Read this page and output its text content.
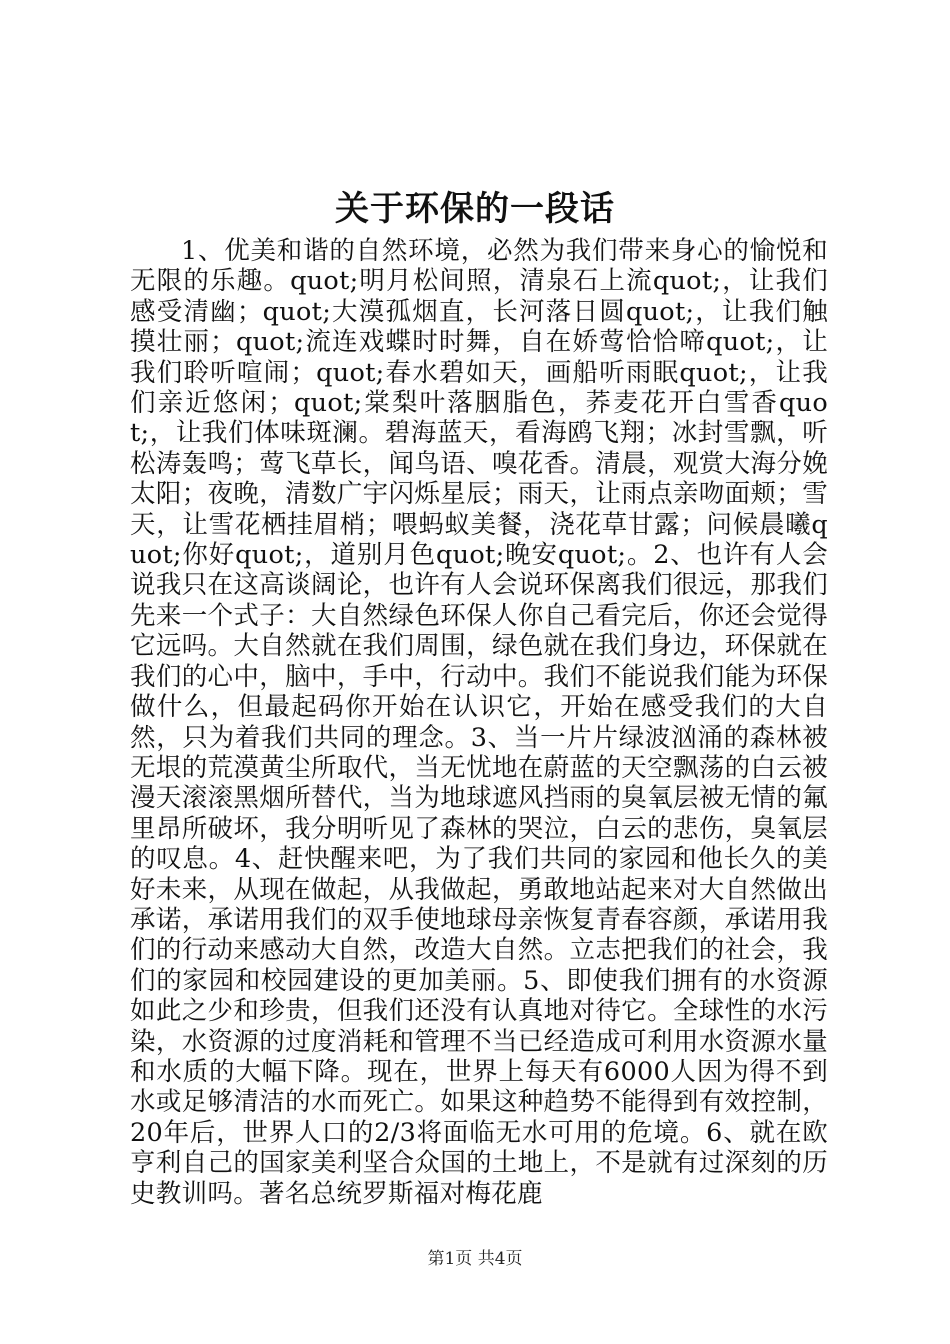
关于环保的一段话

1、优美和谐的自然环境，必然为我们带来身心的愉悦和无限的乐趣。quot;明月松间照，清泉石上流quot;，让我们感受清幽；quot;大漠孤烟直，长河落日圆quot;，让我们触摸壮丽；quot;流连戏蝶时时舞，自在娇莺恰恰啼quot;，让我们聆听喧闹；quot;春水碧如天，画船听雨眠quot;，让我们亲近悠闲；quot;棠梨叶落胭脂色，荞麦花开白雪香quot;，让我们体味斑澜。碧海蓝天，看海鸥飞翔；冰封雪飘，听松涛轰鸣；莺飞草长，闻鸟语、嗅花香。清晨，观赏大海分娩太阳；夜晚，清数广宇闪烁星辰；雨天，让雨点亲吻面颊；雪天，让雪花栖挂眉梢；喂蚂蚁美餐，浇花草甘露；问候晨曦quot;你好quot;，道别月色quot;晚安quot;。2、也许有人会说我只在这高谈阔论，也许有人会说环保离我们很远，那我们先来一个式子：大自然绿色环保人你自己看完后，你还会觉得它远吗。大自然就在我们周围，绿色就在我们身边，环保就在我们的心中，脑中，手中，行动中。我们不能说我们能为环保做什么，但最起码你开始在认识它，开始在感受我们的大自然，只为着我们共同的理念。3、当一片片绿波汹涌的森林被无垠的荒漠黄尘所取代，当无忧地在蔚蓝的天空飘荡的白云被漫天滚滚黑烟所替代，当为地球遮风挡雨的臭氧层被无情的氟里昂所破坏，我分明听见了森林的哭泣，白云的悲伤，臭氧层的叹息。4、赶快醒来吧，为了我们共同的家园和他长久的美好未来，从现在做起，从我做起，勇敢地站起来对大自然做出承诺，承诺用我们的双手使地球母亲恢复青春容颜，承诺用我们的行动来感动大自然，改造大自然。立志把我们的社会，我们的家园和校园建设的更加美丽。5、即使我们拥有的水资源如此之少和珍贵，但我们还没有认真地对待它。全球性的水污染，水资源的过度消耗和管理不当已经造成可利用水资源水量和水质的大幅下降。现在，世界上每天有6000人因为得不到水或足够清洁的水而死亡。如果这种趋势不能得到有效控制，20年后，世界人口的2/3将面临无水可用的危境。6、就在欧亨利自己的国家美利坚合众国的土地上，不是就有过深刻的历史教训吗。著名总统罗斯福对梅花鹿

第1页 共4页
